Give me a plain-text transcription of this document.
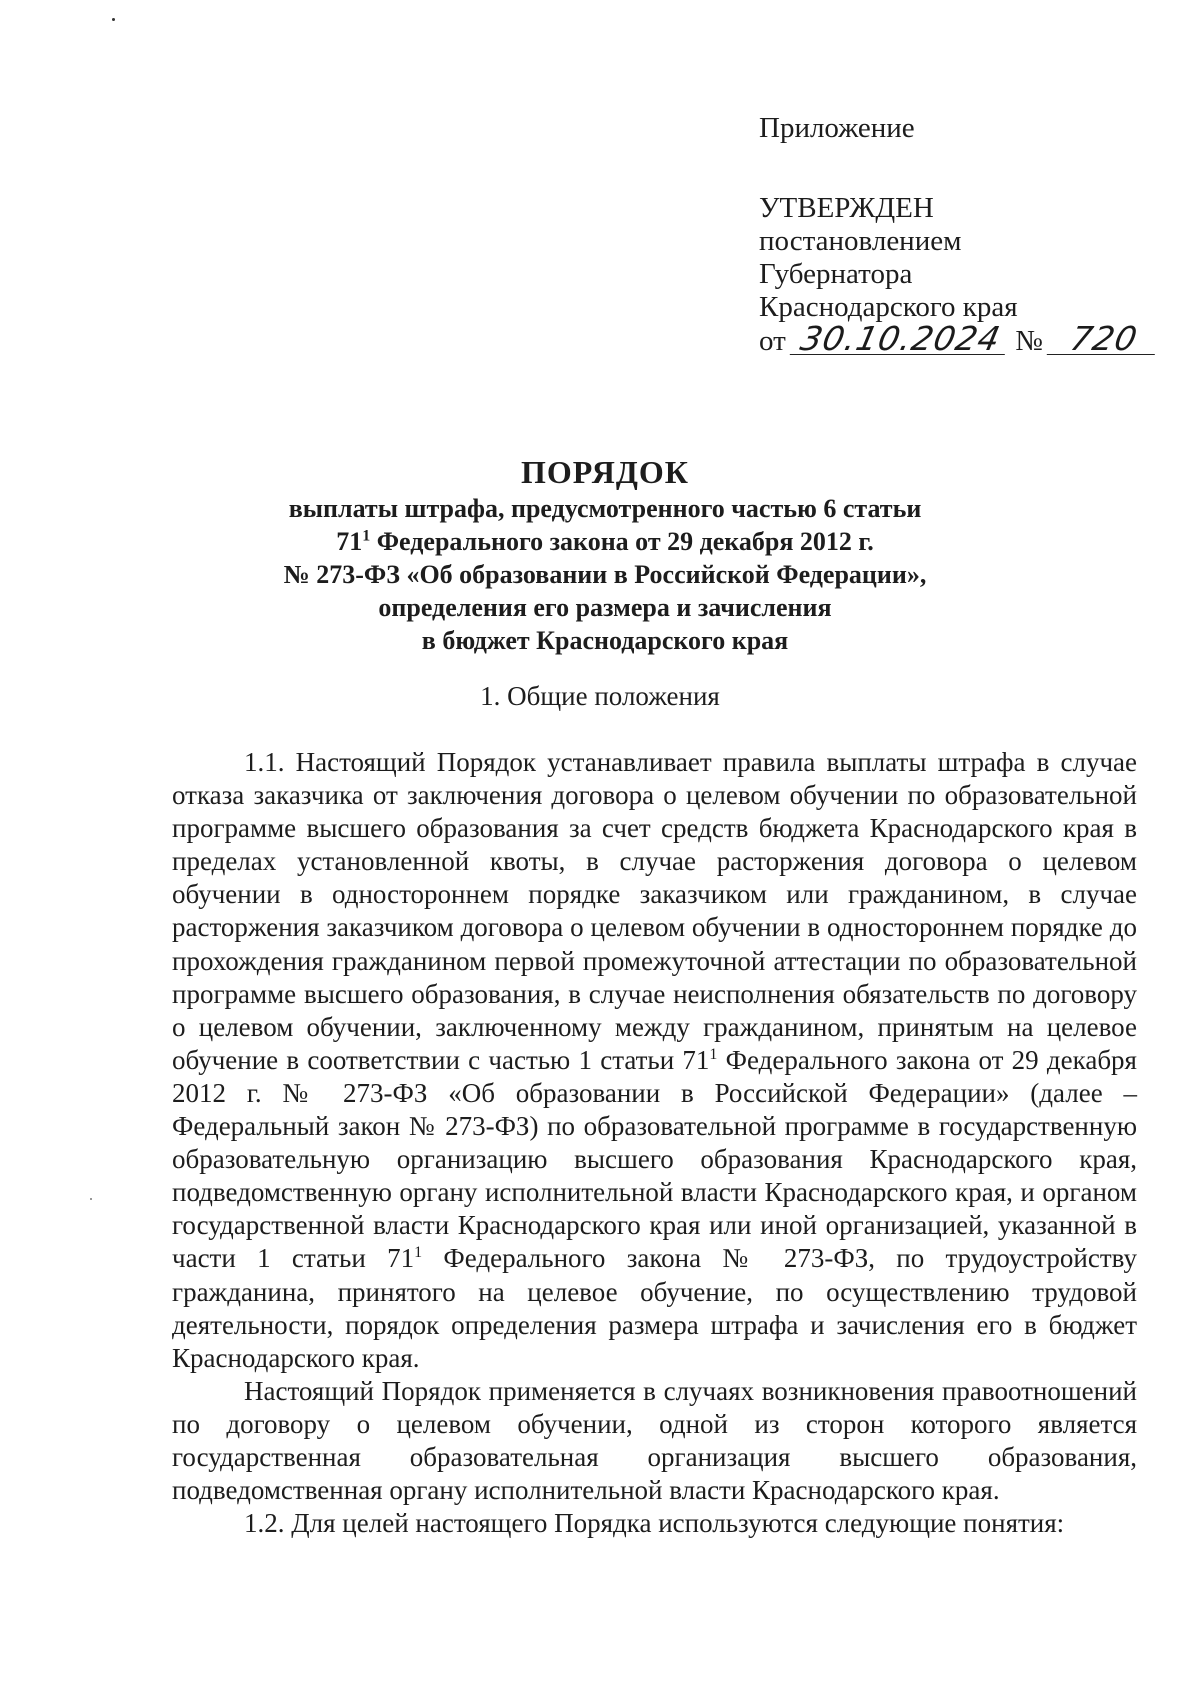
Приложение
УТВЕРЖДЕН
постановлением
Губернатора
Краснодарского края
от 30.10.2024 № 720
ПОРЯДОК
выплаты штрафа, предусмотренного частью 6 статьи
$71^1$ Федерального закона от 29 декабря 2012 г.
№ 273-ФЗ «Об образовании в Российской Федерации»,
определения его размера и зачисления
в бюджет Краснодарского края
1. Общие положения

1.1. Настоящий Порядок устанавливает правила выплаты штрафа в случае отказа заказчика от заключения договора о целевом обучении по образовательной программе высшего образования за счет средств бюджета Краснодарского края в пределах установленной квоты, в случае расторжения договора о целевом обучении в одностороннем порядке заказчиком или гражданином, в случае расторжения заказчиком договора о целевом обучении в одностороннем порядке до прохождения гражданином первой промежуточной аттестации по образовательной программе высшего образования, в случае неисполнения обязательств по договору о целевом обучении, заключенному между гражданином, принятым на целевое обучение в соответствии с частью 1 статьи $71^1$ Федерального закона от 29 декабря 2012 г. № 273-ФЗ «Об образовании в Российской Федерации» (далее – Федеральный закон № 273-ФЗ) по образовательной программе в государственную образовательную организацию высшего образования Краснодарского края, подведомственную органу исполнительной власти Краснодарского края, и органом государственной власти Краснодарского края или иной организацией, указанной в части 1 статьи $71^1$ Федерального закона № 273-ФЗ, по трудоустройству гражданина, принятого на целевое обучение, по осуществлению трудовой деятельности, порядок определения размера штрафа и зачисления его в бюджет Краснодарского края.

Настоящий Порядок применяется в случаях возникновения правоотношений по договору о целевом обучении, одной из сторон которого является государственная образовательная организация высшего образования, подведомственная органу исполнительной власти Краснодарского края.

1.2. Для целей настоящего Порядка используются следующие понятия:
